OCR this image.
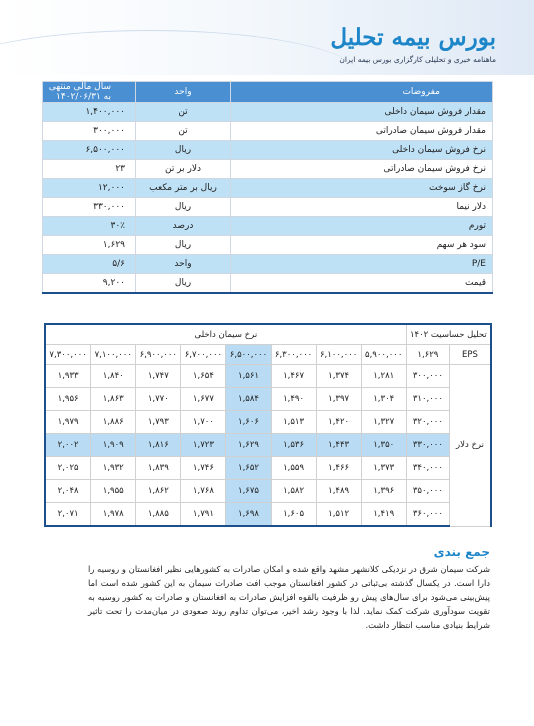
بورس بیمه تحلیل
ماهنامه خبری و تحلیلی کارگزاری بورس بیمه ایران
مفروضات	واحد	سال مالی منتهی به ۱۴۰۲/۰۶/۳۱
مقدار فروش سیمان داخلی	تن	۱,۴۰۰,۰۰۰
مقدار فروش سیمان صادراتی	تن	۳۰۰,۰۰۰
نرخ فروش سیمان داخلی	ریال	۶,۵۰۰,۰۰۰
نرخ فروش سیمان صادراتی	دلار بر تن	۲۳
نرخ گاز سوخت	ریال بر متر مکعب	۱۲,۰۰۰
دلار نیما	ریال	۳۳۰,۰۰۰
تورم	درصد	۳۰٪
سود هر سهم	ریال	۱,۶۲۹
P/E	واحد	۵/۶
قیمت	ریال	۹,۲۰۰
تحلیل حساسیت ۱۴۰۲		نرخ سیمان داخلی							
EPS	۱,۶۲۹	۵,۹۰۰,۰۰۰	۶,۱۰۰,۰۰۰	۶,۳۰۰,۰۰۰	۶,۵۰۰,۰۰۰	۶,۷۰۰,۰۰۰	۶,۹۰۰,۰۰۰	۷,۱۰۰,۰۰۰	۷,۳۰۰,۰۰۰
نرخ دلار	۳۰۰,۰۰۰	۱,۲۸۱	۱,۳۷۴	۱,۴۶۷	۱,۵۶۱	۱,۶۵۴	۱,۷۴۷	۱,۸۴۰	۱,۹۳۳
	۳۱۰,۰۰۰	۱,۳۰۴	۱,۳۹۷	۱,۴۹۰	۱,۵۸۴	۱,۶۷۷	۱,۷۷۰	۱,۸۶۳	۱,۹۵۶
	۳۲۰,۰۰۰	۱,۳۲۷	۱,۴۲۰	۱,۵۱۳	۱,۶۰۶	۱,۷۰۰	۱,۷۹۳	۱,۸۸۶	۱,۹۷۹
	۳۳۰,۰۰۰	۱,۳۵۰	۱,۴۴۳	۱,۵۳۶	۱,۶۲۹	۱,۷۲۳	۱,۸۱۶	۱,۹۰۹	۲,۰۰۲
	۳۴۰,۰۰۰	۱,۳۷۳	۱,۴۶۶	۱,۵۵۹	۱,۶۵۲	۱,۷۴۶	۱,۸۳۹	۱,۹۳۲	۲,۰۲۵
	۳۵۰,۰۰۰	۱,۳۹۶	۱,۴۸۹	۱,۵۸۲	۱,۶۷۵	۱,۷۶۸	۱,۸۶۲	۱,۹۵۵	۲,۰۴۸
	۳۶۰,۰۰۰	۱,۴۱۹	۱,۵۱۲	۱,۶۰۵	۱,۶۹۸	۱,۷۹۱	۱,۸۸۵	۱,۹۷۸	۲,۰۷۱
جمع بندی
شرکت سیمان شرق در نزدیکی کلانشهر مشهد واقع شده و امکان صادرات به کشورهایی نظیر افغانستان و روسیه را دارا است. در یکسال گذشته بی‌ثباتی در کشور افغانستان موجب افت صادرات سیمان به این کشور شده است اما پیش‌بینی می‌شود برای سال‌های پیش رو ظرفیت بالقوه افزایش صادرات به افغانستان و صادرات به کشور روسیه به تقویت سودآوری شرکت کمک نماید. لذا با وجود رشد اخیر، می‌توان تداوم روند صعودی در میان‌مدت را تحت تاثیر شرایط بنیادی مناسب انتظار داشت.
